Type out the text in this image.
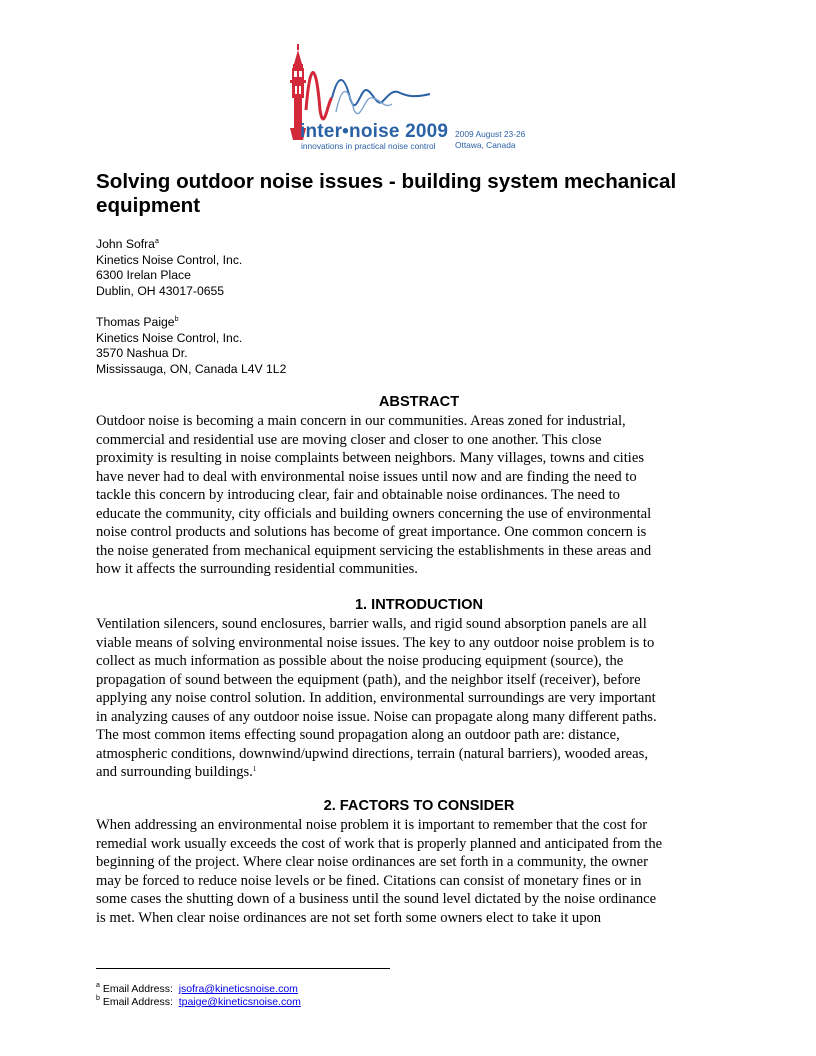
inter•noise 2009
innovations in practical noise control
2009 August 23-26
Ottawa, Canada
Solving outdoor noise issues - building system mechanical
equipment
John Sofra$^a$
Kinetics Noise Control, Inc.
6300 Irelan Place
Dublin, OH 43017-0655
Thomas Paige$^b$
Kinetics Noise Control, Inc.
3570 Nashua Dr.
Mississauga, ON, Canada L4V 1L2
ABSTRACT
Outdoor noise is becoming a main concern in our communities. Areas zoned for industrial,
commercial and residential use are moving closer and closer to one another. This close
proximity is resulting in noise complaints between neighbors. Many villages, towns and cities
have never had to deal with environmental noise issues until now and are finding the need to
tackle this concern by introducing clear, fair and obtainable noise ordinances. The need to
educate the community, city officials and building owners concerning the use of environmental
noise control products and solutions has become of great importance. One common concern is
the noise generated from mechanical equipment servicing the establishments in these areas and
how it affects the surrounding residential communities.
1. INTRODUCTION
Ventilation silencers, sound enclosures, barrier walls, and rigid sound absorption panels are all
viable means of solving environmental noise issues. The key to any outdoor noise problem is to
collect as much information as possible about the noise producing equipment (source), the
propagation of sound between the equipment (path), and the neighbor itself (receiver), before
applying any noise control solution. In addition, environmental surroundings are very important
in analyzing causes of any outdoor noise issue. Noise can propagate along many different paths.
The most common items effecting sound propagation along an outdoor path are: distance,
atmospheric conditions, downwind/upwind directions, terrain (natural barriers), wooded areas,
and surrounding buildings.$^1$
2. FACTORS TO CONSIDER
When addressing an environmental noise problem it is important to remember that the cost for
remedial work usually exceeds the cost of work that is properly planned and anticipated from the
beginning of the project. Where clear noise ordinances are set forth in a community, the owner
may be forced to reduce noise levels or be fined. Citations can consist of monetary fines or in
some cases the shutting down of a business until the sound level dictated by the noise ordinance
is met. When clear noise ordinances are not set forth some owners elect to take it upon
$^a$ Email Address: jsofra@kineticsnoise.com
$^b$ Email Address: tpaige@kineticsnoise.com
